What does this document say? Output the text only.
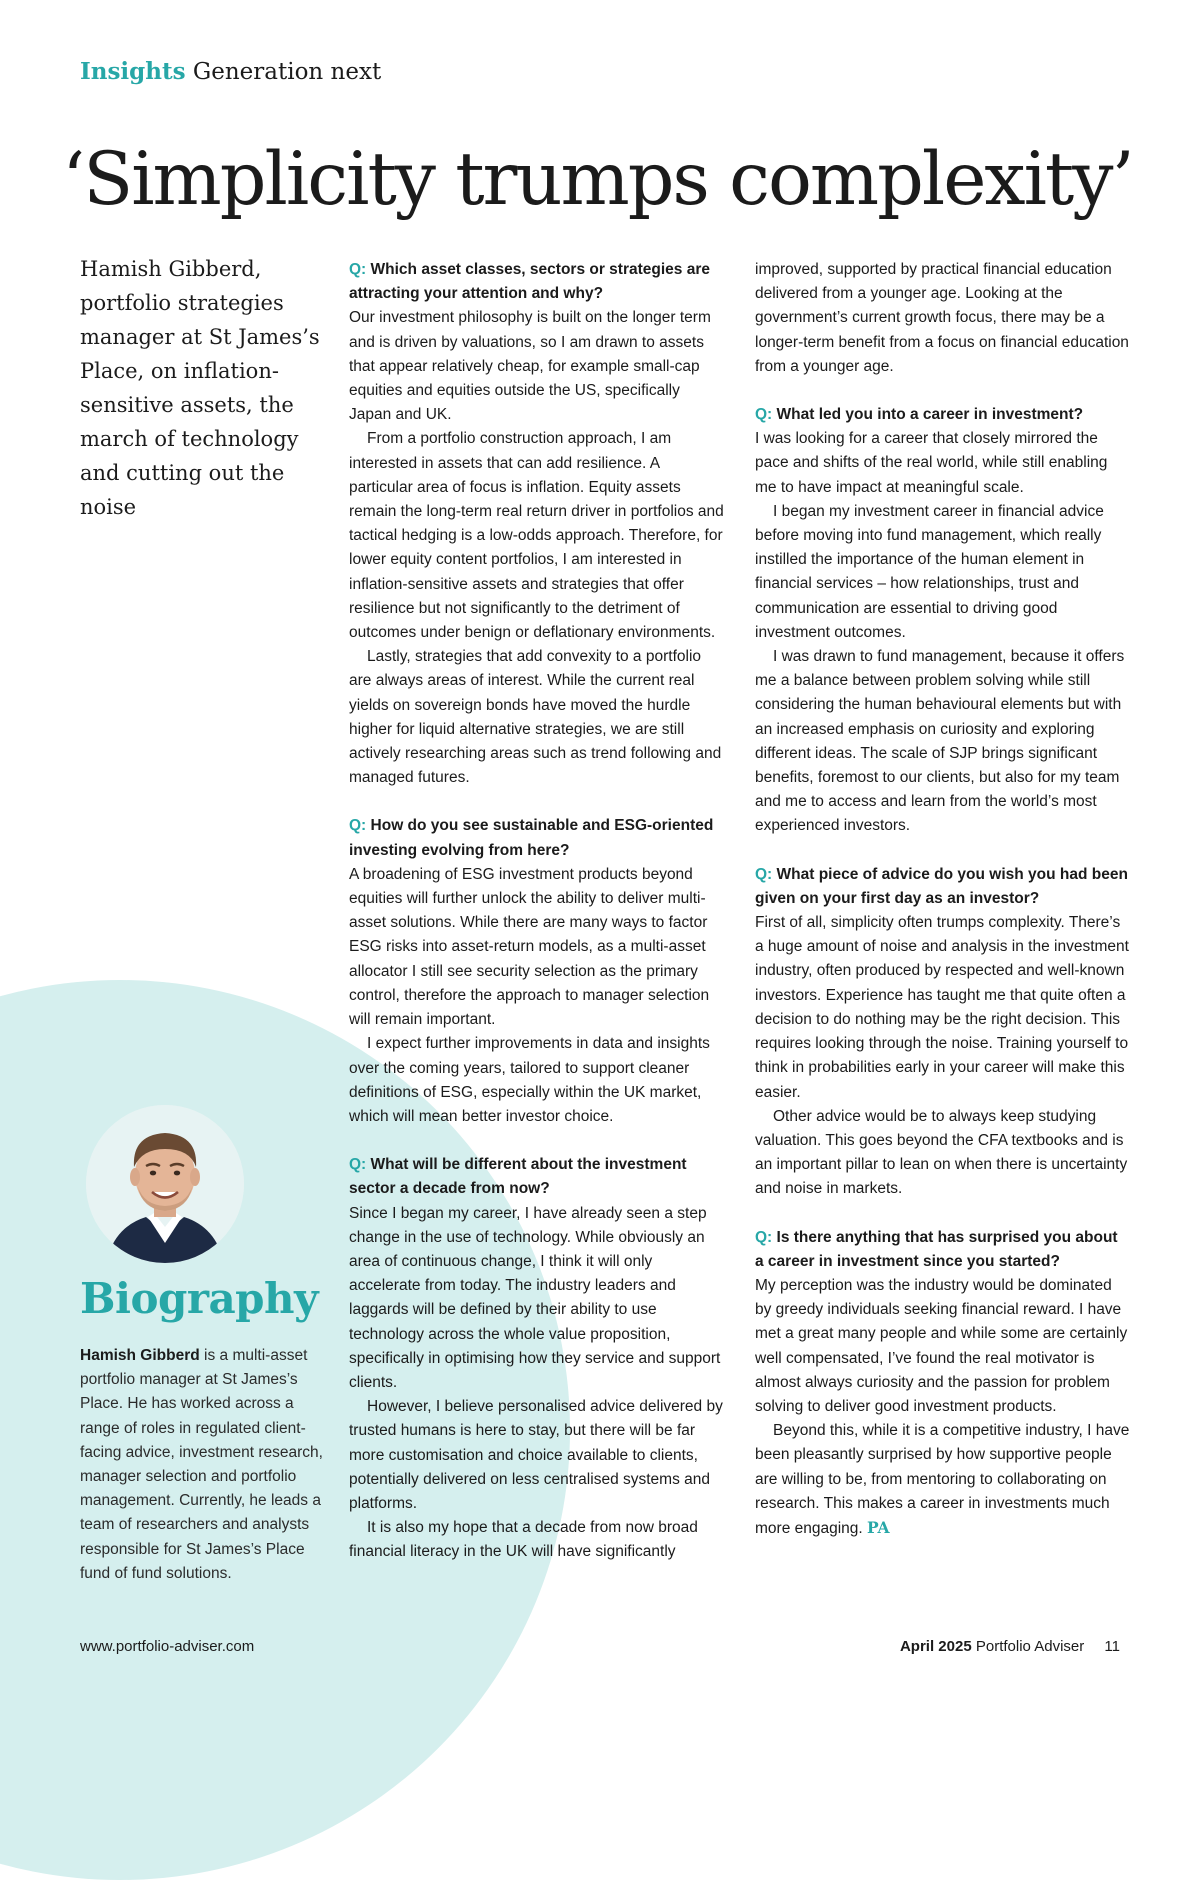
Insights Generation next
‘Simplicity trumps complexity’

Hamish Gibberd, portfolio strategies manager at St James’s Place, on inflation-sensitive assets, the march of technology and cutting out the noise

Q: Which asset classes, sectors or strategies are attracting your attention and why?

Our investment philosophy is built on the longer term and is driven by valuations, so I am drawn to assets that appear relatively cheap, for example small-cap equities and equities outside the US, specifically Japan and UK.

From a portfolio construction approach, I am interested in assets that can add resilience. A particular area of focus is inflation. Equity assets remain the long-term real return driver in portfolios and tactical hedging is a low-odds approach. Therefore, for lower equity content portfolios, I am interested in inflation-sensitive assets and strategies that offer resilience but not significantly to the detriment of outcomes under benign or deflationary environments.

Lastly, strategies that add convexity to a portfolio are always areas of interest. While the current real yields on sovereign bonds have moved the hurdle higher for liquid alternative strategies, we are still actively researching areas such as trend following and managed futures.

Q: How do you see sustainable and ESG-oriented investing evolving from here?

A broadening of ESG investment products beyond equities will further unlock the ability to deliver multi-asset solutions. While there are many ways to factor ESG risks into asset-return models, as a multi-asset allocator I still see security selection as the primary control, therefore the approach to manager selection will remain important.

I expect further improvements in data and insights over the coming years, tailored to support cleaner definitions of ESG, especially within the UK market, which will mean better investor choice.

Q: What will be different about the investment sector a decade from now?

Since I began my career, I have already seen a step change in the use of technology. While obviously an area of continuous change, I think it will only accelerate from today. The industry leaders and laggards will be defined by their ability to use technology across the whole value proposition, specifically in optimising how they service and support clients.

However, I believe personalised advice delivered by trusted humans is here to stay, but there will be far more customisation and choice available to clients, potentially delivered on less centralised systems and platforms.

It is also my hope that a decade from now broad financial literacy in the UK will have significantly

improved, supported by practical financial education delivered from a younger age. Looking at the government’s current growth focus, there may be a longer-term benefit from a focus on financial education from a younger age.

Q: What led you into a career in investment?

I was looking for a career that closely mirrored the pace and shifts of the real world, while still enabling me to have impact at meaningful scale.

I began my investment career in financial advice before moving into fund management, which really instilled the importance of the human element in financial services – how relationships, trust and communication are essential to driving good investment outcomes.

I was drawn to fund management, because it offers me a balance between problem solving while still considering the human behavioural elements but with an increased emphasis on curiosity and exploring different ideas. The scale of SJP brings significant benefits, foremost to our clients, but also for my team and me to access and learn from the world’s most experienced investors.

Q: What piece of advice do you wish you had been given on your first day as an investor?

First of all, simplicity often trumps complexity. There’s a huge amount of noise and analysis in the investment industry, often produced by respected and well-known investors. Experience has taught me that quite often a decision to do nothing may be the right decision. This requires looking through the noise. Training yourself to think in probabilities early in your career will make this easier.

Other advice would be to always keep studying valuation. This goes beyond the CFA textbooks and is an important pillar to lean on when there is uncertainty and noise in markets.

Q: Is there anything that has surprised you about a career in investment since you started?

My perception was the industry would be dominated by greedy individuals seeking financial reward. I have met a great many people and while some are certainly well compensated, I’ve found the real motivator is almost always curiosity and the passion for problem solving to deliver good investment products.

Beyond this, while it is a competitive industry, I have been pleasantly surprised by how supportive people are willing to be, from mentoring to collaborating on research. This makes a career in investments much more engaging. PA

Biography

Hamish Gibberd is a multi-asset portfolio manager at St James’s Place. He has worked across a range of roles in regulated client-facing advice, investment research, manager selection and portfolio management. Currently, he leads a team of researchers and analysts responsible for St James’s Place fund of fund solutions.

www.portfolio-adviser.com	April 2025 Portfolio Adviser 11
